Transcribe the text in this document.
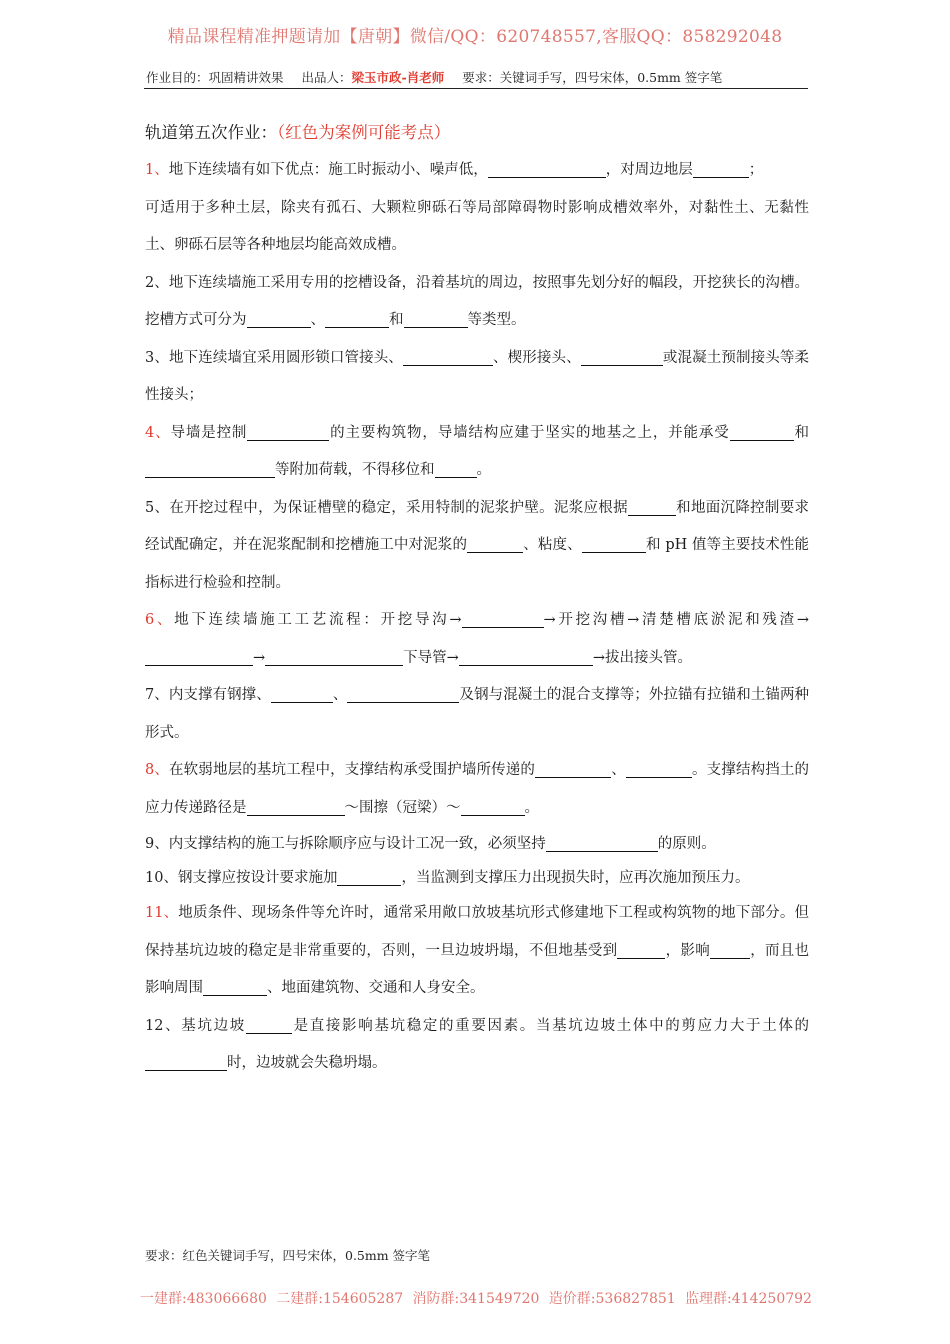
精品课程精准押题请加【唐朝】微信/QQ：620748557,客服QQ：858292048
作业目的：巩固精讲效果 出品人：梁玉市政-肖老师 要求：关键词手写，四号宋体，0.5mm 签字笔
轨道第五次作业：（红色为案例可能考点）
1、地下连续墙有如下优点：施工时振动小、噪声低，	，对周边地层	；
可适用于多种土层，除夹有孤石、大颗粒卵砾石等局部障碍物时影响成槽效率外，对黏性土、无黏性土、卵砾石层等各种地层均能高效成槽。
2、地下连续墙施工采用专用的挖槽设备，沿着基坑的周边，按照事先划分好的幅段，开挖狭长的沟槽。挖槽方式可分为	、	和	等类型。
3、地下连续墙宜采用圆形锁口管接头、	、楔形接头、	或混凝土预制接头等柔性接头；
4、导墙是控制	的主要构筑物，导墙结构应建于坚实的地基之上，并能承受	和等附加荷载，不得移位和	。
5、在开挖过程中，为保证槽壁的稳定，采用特制的泥浆护壁。泥浆应根据	和地面沉降控制要求经试配确定，并在泥浆配制和挖槽施工中对泥浆的	、粘度、	和 pH 值等主要技术性能指标进行检验和控制。
6、地下连续墙施工工艺流程：开挖导沟→	→开挖沟槽→清楚槽底淤泥和残渣→→	下导管→	→拔出接头管。
7、内支撑有钢撑、	、	及钢与混凝土的混合支撑等；外拉锚有拉锚和土锚两种形式。
8、在软弱地层的基坑工程中，支撑结构承受围护墙所传递的	、	。支撑结构挡土的应力传递路径是	～围擦（冠梁）～	。
9、内支撑结构的施工与拆除顺序应与设计工况一致，必须坚持	的原则。
10、钢支撑应按设计要求施加	，当监测到支撑压力出现损失时，应再次施加预压力。
11、地质条件、现场条件等允许时，通常采用敞口放坡基坑形式修建地下工程或构筑物的地下部分。但保持基坑边坡的稳定是非常重要的，否则，一旦边坡坍塌，不但地基受到	，影响	，而且也影响周围	、地面建筑物、交通和人身安全。
12、基坑边坡	是直接影响基坑稳定的重要因素。当基坑边坡土体中的剪应力大于土体的时，边坡就会失稳坍塌。
要求：红色关键词手写，四号宋体，0.5mm 签字笔
一建群:483066680 二建群:154605287 消防群:341549720 造价群:536827851 监理群:414250792
